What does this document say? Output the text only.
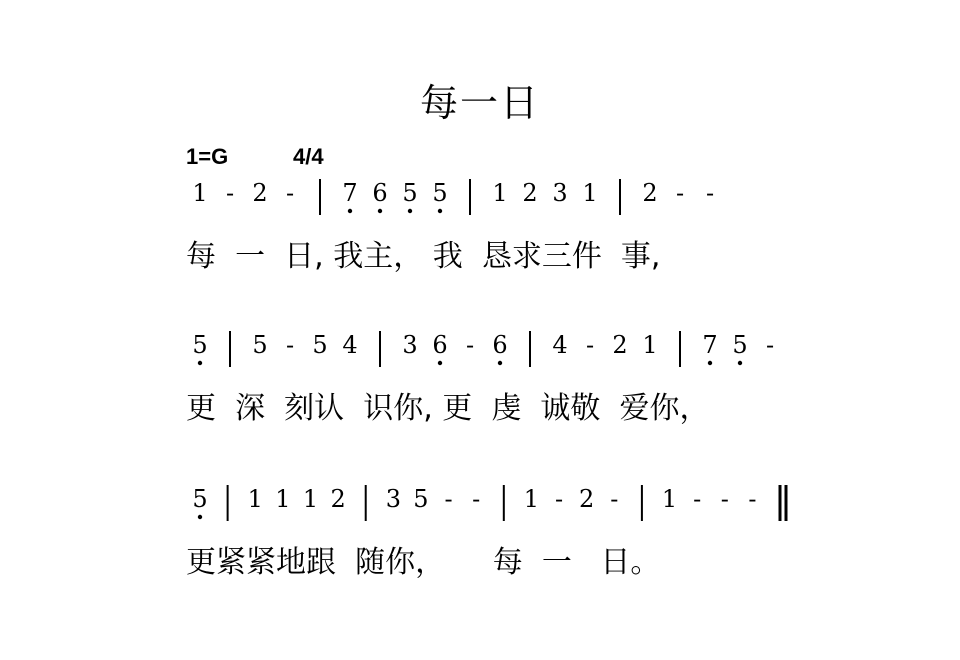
每一日
1=G	4/4
1 - 2 - 7 6 5 5 1 2 3 1 2 - -
5 5 - 5 4 3 6 - 6 4 - 2 1 7 5 -
5 1 1 1 2 3 5 - - 1 - 2 - 1 - - -
每  一  日, 我主， 我  恳求三件  事,
更  深  刻认  识你, 更  虔  诚敬  爱你，
更紧紧地跟  随你，     每  一   日。
